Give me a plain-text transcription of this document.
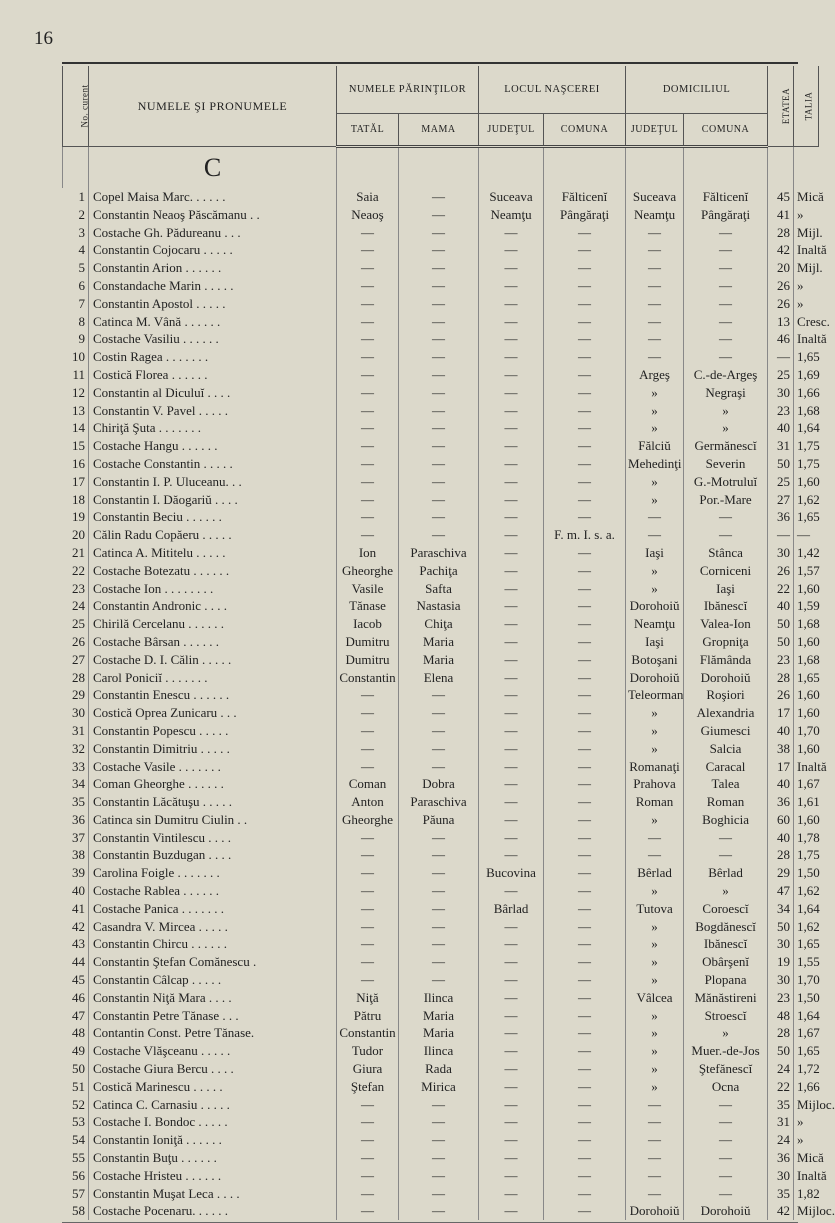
16
No. curent	NUMELE ŞI PRONUMELE	NUMELE PĂRINŢILOR		LOCUL NAŞCEREI		DOMICILIUL		ETATEA	TALIA
		TATĂL	MAMA	JUDEŢUL	COMUNA	JUDEŢUL	COMUNA		

	C								

1	Copel Maisa Marc. . . . . .	Saia	—	Suceava	Fălticenĭ	Suceava	Fălticenĭ	45	Mică
2	Constantin Neaoş Păscămanu . .	Neaoş	—	Neamţu	Pângăraţi	Neamţu	Pângăraţi	41	»
3	Costache Gh. Pădureanu . . .	—	—	—	—	—	—	28	Mijl.
4	Constantin Cojocaru . . . . .	—	—	—	—	—	—	42	Inaltă
5	Constantin Arion . . . . . .	—	—	—	—	—	—	20	Mijl.
6	Constandache Marin . . . . .	—	—	—	—	—	—	26	»
7	Constantin Apostol . . . . .	—	—	—	—	—	—	26	»
8	Catinca M. Vână . . . . . .	—	—	—	—	—	—	13	Cresc.
9	Costache Vasiliu . . . . . .	—	—	—	—	—	—	46	Inaltă
10	Costin Ragea . . . . . . .	—	—	—	—	—	—	—	1,65
11	Costică Florea . . . . . .	—	—	—	—	Argeş	C.-de-Argeş	25	1,69
12	Constantin al Diculuĭ . . . .	—	—	—	—	»	Negraşi	30	1,66
13	Constantin V. Pavel . . . . .	—	—	—	—	»	»	23	1,68
14	Chiriţă Şuta . . . . . . .	—	—	—	—	»	»	40	1,64
15	Costache Hangu . . . . . .	—	—	—	—	Fălciŭ	Germănescĭ	31	1,75
16	Costache Constantin . . . . .	—	—	—	—	Mehedinţi	Severin	50	1,75
17	Constantin I. P. Uluceanu. . .	—	—	—	—	»	G.-Motruluĭ	25	1,60
18	Constantin I. Dăogariŭ . . . .	—	—	—	—	»	Por.-Mare	27	1,62
19	Constantin Beciu . . . . . .	—	—	—	—	—	—	36	1,65
20	Călin Radu Copăeru . . . . .	—	—	—	F. m. I. s. a.	—	—	—	—
21	Catinca A. Mititelu . . . . .	Ion	Paraschiva	—	—	Iaşi	Stânca	30	1,42
22	Costache Botezatu . . . . . .	Gheorghe	Pachiţa	—	—	»	Corniceni	26	1,57
23	Costache Ion . . . . . . . .	Vasile	Safta	—	—	»	Iaşi	22	1,60
24	Constantin Andronic . . . .	Tănase	Nastasia	—	—	Dorohoiŭ	Ibănescĭ	40	1,59
25	Chirilă Cercelanu . . . . . .	Iacob	Chiţa	—	—	Neamţu	Valea-Ion	50	1,68
26	Costache Bârsan . . . . . .	Dumitru	Maria	—	—	Iaşi	Gropniţa	50	1,60
27	Costache D. I. Călin . . . . .	Dumitru	Maria	—	—	Botoşani	Flămânda	23	1,68
28	Carol Poniciĭ . . . . . . .	Constantin	Elena	—	—	Dorohoiŭ	Dorohoiŭ	28	1,65
29	Constantin Enescu . . . . . .	—	—	—	—	Teleorman	Roşiori	26	1,60
30	Costică Oprea Zunicaru . . .	—	—	—	—	»	Alexandria	17	1,60
31	Constantin Popescu . . . . .	—	—	—	—	»	Giumesci	40	1,70
32	Constantin Dimitriu . . . . .	—	—	—	—	»	Salcia	38	1,60
33	Costache Vasile . . . . . . .	—	—	—	—	Romanaţi	Caracal	17	Inaltă
34	Coman Gheorghe . . . . . .	Coman	Dobra	—	—	Prahova	Talea	40	1,67
35	Constantin Lăcătuşu . . . . .	Anton	Paraschiva	—	—	Roman	Roman	36	1,61
36	Catinca sin Dumitru Ciulin . .	Gheorghe	Păuna	—	—	»	Boghicia	60	1,60
37	Constantin Vintilescu . . . .	—	—	—	—	—	—	40	1,78
38	Constantin Buzdugan . . . .	—	—	—	—	—	—	28	1,75
39	Carolina Foigle . . . . . . .	—	—	Bucovina	—	Bêrlad	Bêrlad	29	1,50
40	Costache Rablea . . . . . .	—	—	—	—	»	»	47	1,62
41	Costache Panica . . . . . . .	—	—	Bârlad	—	Tutova	Coroescĭ	34	1,64
42	Casandra V. Mircea . . . . .	—	—	—	—	»	Bogdănescĭ	50	1,62
43	Constantin Chircu . . . . . .	—	—	—	—	»	Ibănescĭ	30	1,65
44	Constantin Ştefan Comănescu .	—	—	—	—	»	Obârşenĭ	19	1,55
45	Constantin Câlcap . . . . .	—	—	—	—	»	Plopana	30	1,70
46	Constantin Niţă Mara . . . .	Niţă	Ilinca	—	—	Vâlcea	Mănăstireni	23	1,50
47	Constantin Petre Tănase . . .	Pătru	Maria	—	—	»	Stroescĭ	48	1,64
48	Contantin Const. Petre Tănase.	Constantin	Maria	—	—	»	»	28	1,67
49	Costache Vlăşceanu . . . . .	Tudor	Ilinca	—	—	»	Muer.-de-Jos	50	1,65
50	Costache Giura Bercu . . . .	Giura	Rada	—	—	»	Ştefănescĭ	24	1,72
51	Costică Marinescu . . . . .	Ştefan	Mirica	—	—	»	Ocna	22	1,66
52	Catinca C. Carnasiu . . . . .	—	—	—	—	—	—	35	Mijloc.
53	Costache I. Bondoc . . . . .	—	—	—	—	—	—	31	»
54	Constantin Ioniţă . . . . . .	—	—	—	—	—	—	24	»
55	Constantin Buţu . . . . . .	—	—	—	—	—	—	36	Mică
56	Costache Hristeu . . . . . .	—	—	—	—	—	—	30	Inaltă
57	Constantin Muşat Leca . . . .	—	—	—	—	—	—	35	1,82
58	Costache Pocenaru. . . . . .	—	—	—	—	Dorohoiŭ	Dorohoiŭ	42	Mijloc.
